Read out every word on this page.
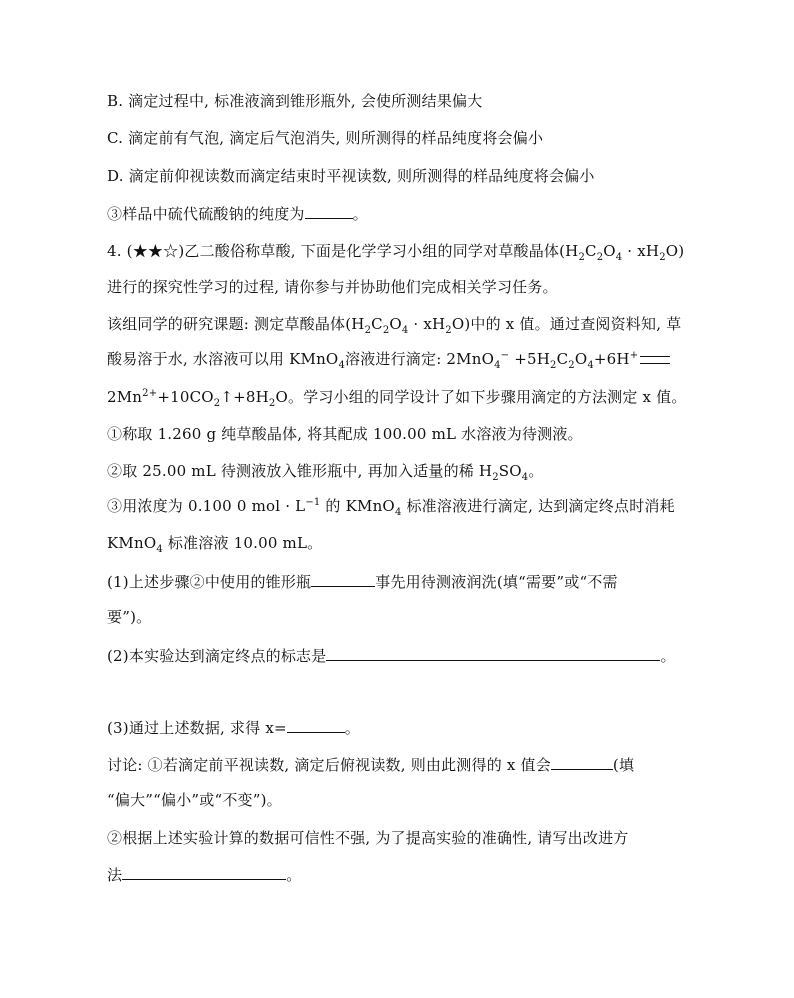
B. 滴定过程中, 标准液滴到锥形瓶外, 会使所测结果偏大
C. 滴定前有气泡, 滴定后气泡消失, 则所测得的样品纯度将会偏小
D. 滴定前仰视读数而滴定结束时平视读数, 则所测得的样品纯度将会偏小
③样品中硫代硫酸钠的纯度为	。
4. (★★☆)乙二酸俗称草酸, 下面是化学学习小组的同学对草酸晶体$(H_2C_2O_4 \cdot xH_2O)$
进行的探究性学习的过程, 请你参与并协助他们完成相关学习任务。
该组同学的研究课题: 测定草酸晶体$(H_2C_2O_4 \cdot xH_2O)$中的 x 值。通过查阅资料知, 草
酸易溶于水, 水溶液可以用 KMnO$_4$溶液进行滴定: $2MnO_4^- +5H_2C_2O_4+6H^+$
$2Mn^{2+}+10CO_2↑+8H_2O$。学习小组的同学设计了如下步骤用滴定的方法测定 x 值。
①称取 1.260 g 纯草酸晶体, 将其配成 100.00 mL 水溶液为待测液。
②取 25.00 mL 待测液放入锥形瓶中, 再加入适量的稀 $H_2SO_4$。
③用浓度为 0.100 0 mol · $L^{-1}$ 的 KMnO$_4$ 标准溶液进行滴定, 达到滴定终点时消耗
KMnO$_4$ 标准溶液 10.00 mL。
(1)上述步骤②中使用的锥形瓶	事先用待测液润洗(填“需要”或“不需
要”)。
(2)本实验达到滴定终点的标志是	。
(3)通过上述数据, 求得 x=	。
讨论: ①若滴定前平视读数, 滴定后俯视读数, 则由此测得的 x 值会	(填
“偏大”“偏小”或“不变”)。
②根据上述实验计算的数据可信性不强, 为了提高实验的准确性, 请写出改进方
法	。
